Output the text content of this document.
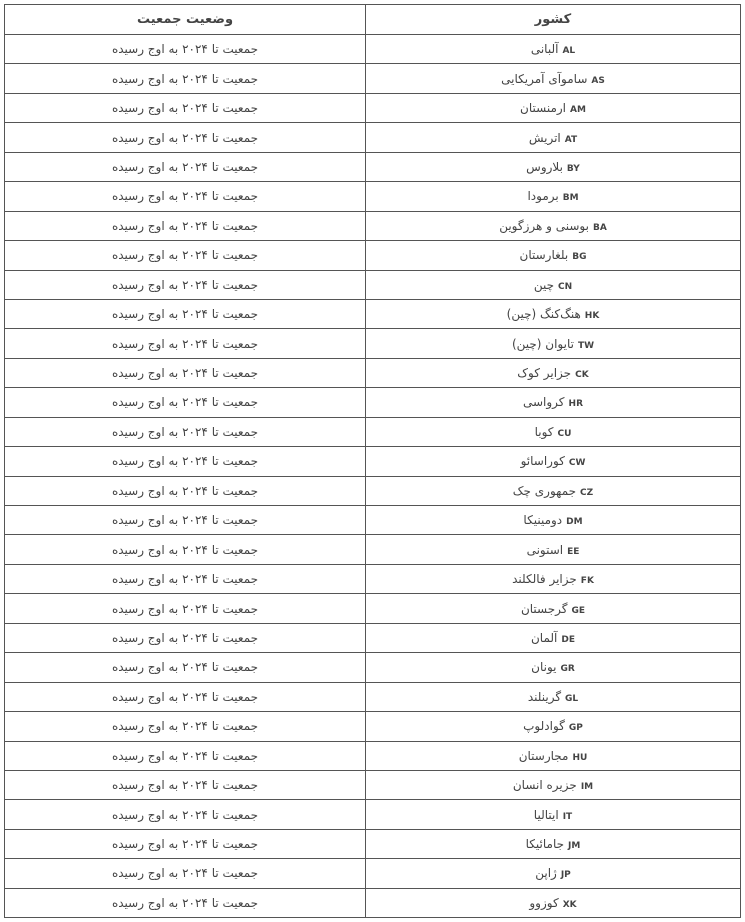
کشور	وضعیت جمعیت
ALآلبانی	جمعیت تا ۲۰۲۴ به اوج رسیده
ASساموآی آمریکایی	جمعیت تا ۲۰۲۴ به اوج رسیده
AMارمنستان	جمعیت تا ۲۰۲۴ به اوج رسیده
ATاتریش	جمعیت تا ۲۰۲۴ به اوج رسیده
BYبلاروس	جمعیت تا ۲۰۲۴ به اوج رسیده
BMبرمودا	جمعیت تا ۲۰۲۴ به اوج رسیده
BAبوسنی و هرزگوین	جمعیت تا ۲۰۲۴ به اوج رسیده
BGبلغارستان	جمعیت تا ۲۰۲۴ به اوج رسیده
CNچین	جمعیت تا ۲۰۲۴ به اوج رسیده
HKهنگ‌کنگ (چین)	جمعیت تا ۲۰۲۴ به اوج رسیده
TWتایوان (چین)	جمعیت تا ۲۰۲۴ به اوج رسیده
CKجزایر کوک	جمعیت تا ۲۰۲۴ به اوج رسیده
HRکرواسی	جمعیت تا ۲۰۲۴ به اوج رسیده
CUکوبا	جمعیت تا ۲۰۲۴ به اوج رسیده
CWکوراسائو	جمعیت تا ۲۰۲۴ به اوج رسیده
CZجمهوری چک	جمعیت تا ۲۰۲۴ به اوج رسیده
DMدومینیکا	جمعیت تا ۲۰۲۴ به اوج رسیده
EEاستونی	جمعیت تا ۲۰۲۴ به اوج رسیده
FKجزایر فالکلند	جمعیت تا ۲۰۲۴ به اوج رسیده
GEگرجستان	جمعیت تا ۲۰۲۴ به اوج رسیده
DEآلمان	جمعیت تا ۲۰۲۴ به اوج رسیده
GRیونان	جمعیت تا ۲۰۲۴ به اوج رسیده
GLگرینلند	جمعیت تا ۲۰۲۴ به اوج رسیده
GPگوادلوپ	جمعیت تا ۲۰۲۴ به اوج رسیده
HUمجارستان	جمعیت تا ۲۰۲۴ به اوج رسیده
IMجزیره انسان	جمعیت تا ۲۰۲۴ به اوج رسیده
ITایتالیا	جمعیت تا ۲۰۲۴ به اوج رسیده
JMجامائیکا	جمعیت تا ۲۰۲۴ به اوج رسیده
JPژاپن	جمعیت تا ۲۰۲۴ به اوج رسیده
XKکوزوو	جمعیت تا ۲۰۲۴ به اوج رسیده
